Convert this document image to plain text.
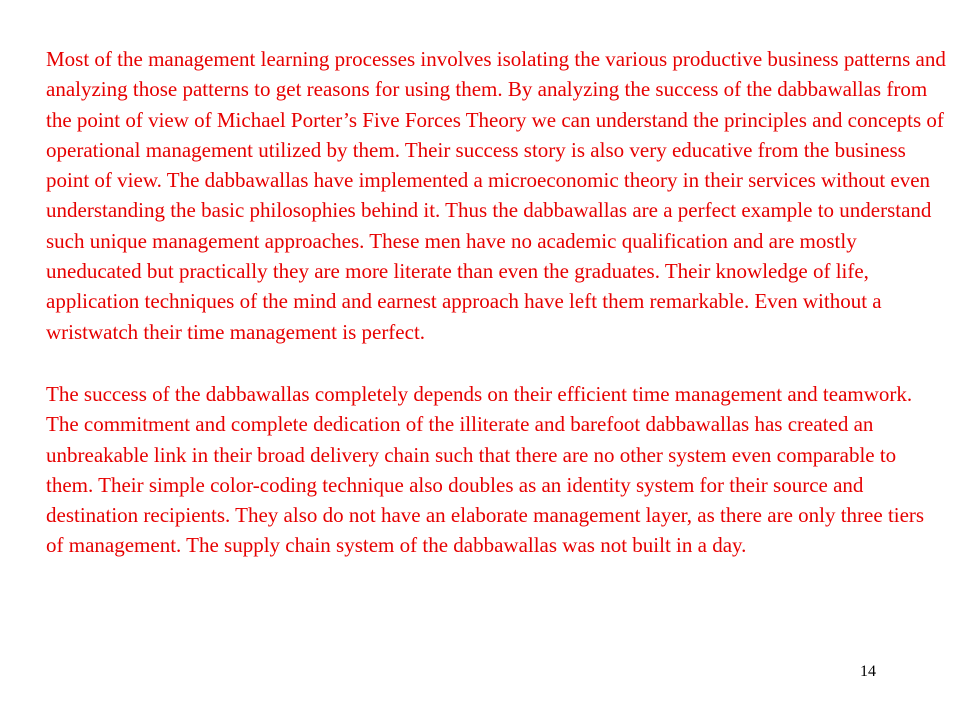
Most of the management learning processes involves isolating the various productive business patterns and analyzing those patterns to get reasons for using them. By analyzing the success of the dabbawallas from the point of view of Michael Porter’s Five Forces Theory we can understand the principles and concepts of operational management utilized by them. Their success story is also very educative from the business point of view. The dabbawallas have implemented a microeconomic theory in their services without even understanding the basic philosophies behind it. Thus the dabbawallas are a perfect example to understand such unique management approaches. These men have no academic qualification and are mostly uneducated but practically they are more literate than even the graduates. Their knowledge of life, application techniques of the mind and earnest approach have left them remarkable. Even without a wristwatch their time management is perfect.

The success of the dabbawallas completely depends on their efficient time management and teamwork. The commitment and complete dedication of the illiterate and barefoot dabbawallas has created an unbreakable link in their broad delivery chain such that there are no other system even comparable to them. Their simple color-coding technique also doubles as an identity system for their source and destination recipients. They also do not have an elaborate management layer, as there are only three tiers of management. The supply chain system of the dabbawallas was not built in a day.

14
